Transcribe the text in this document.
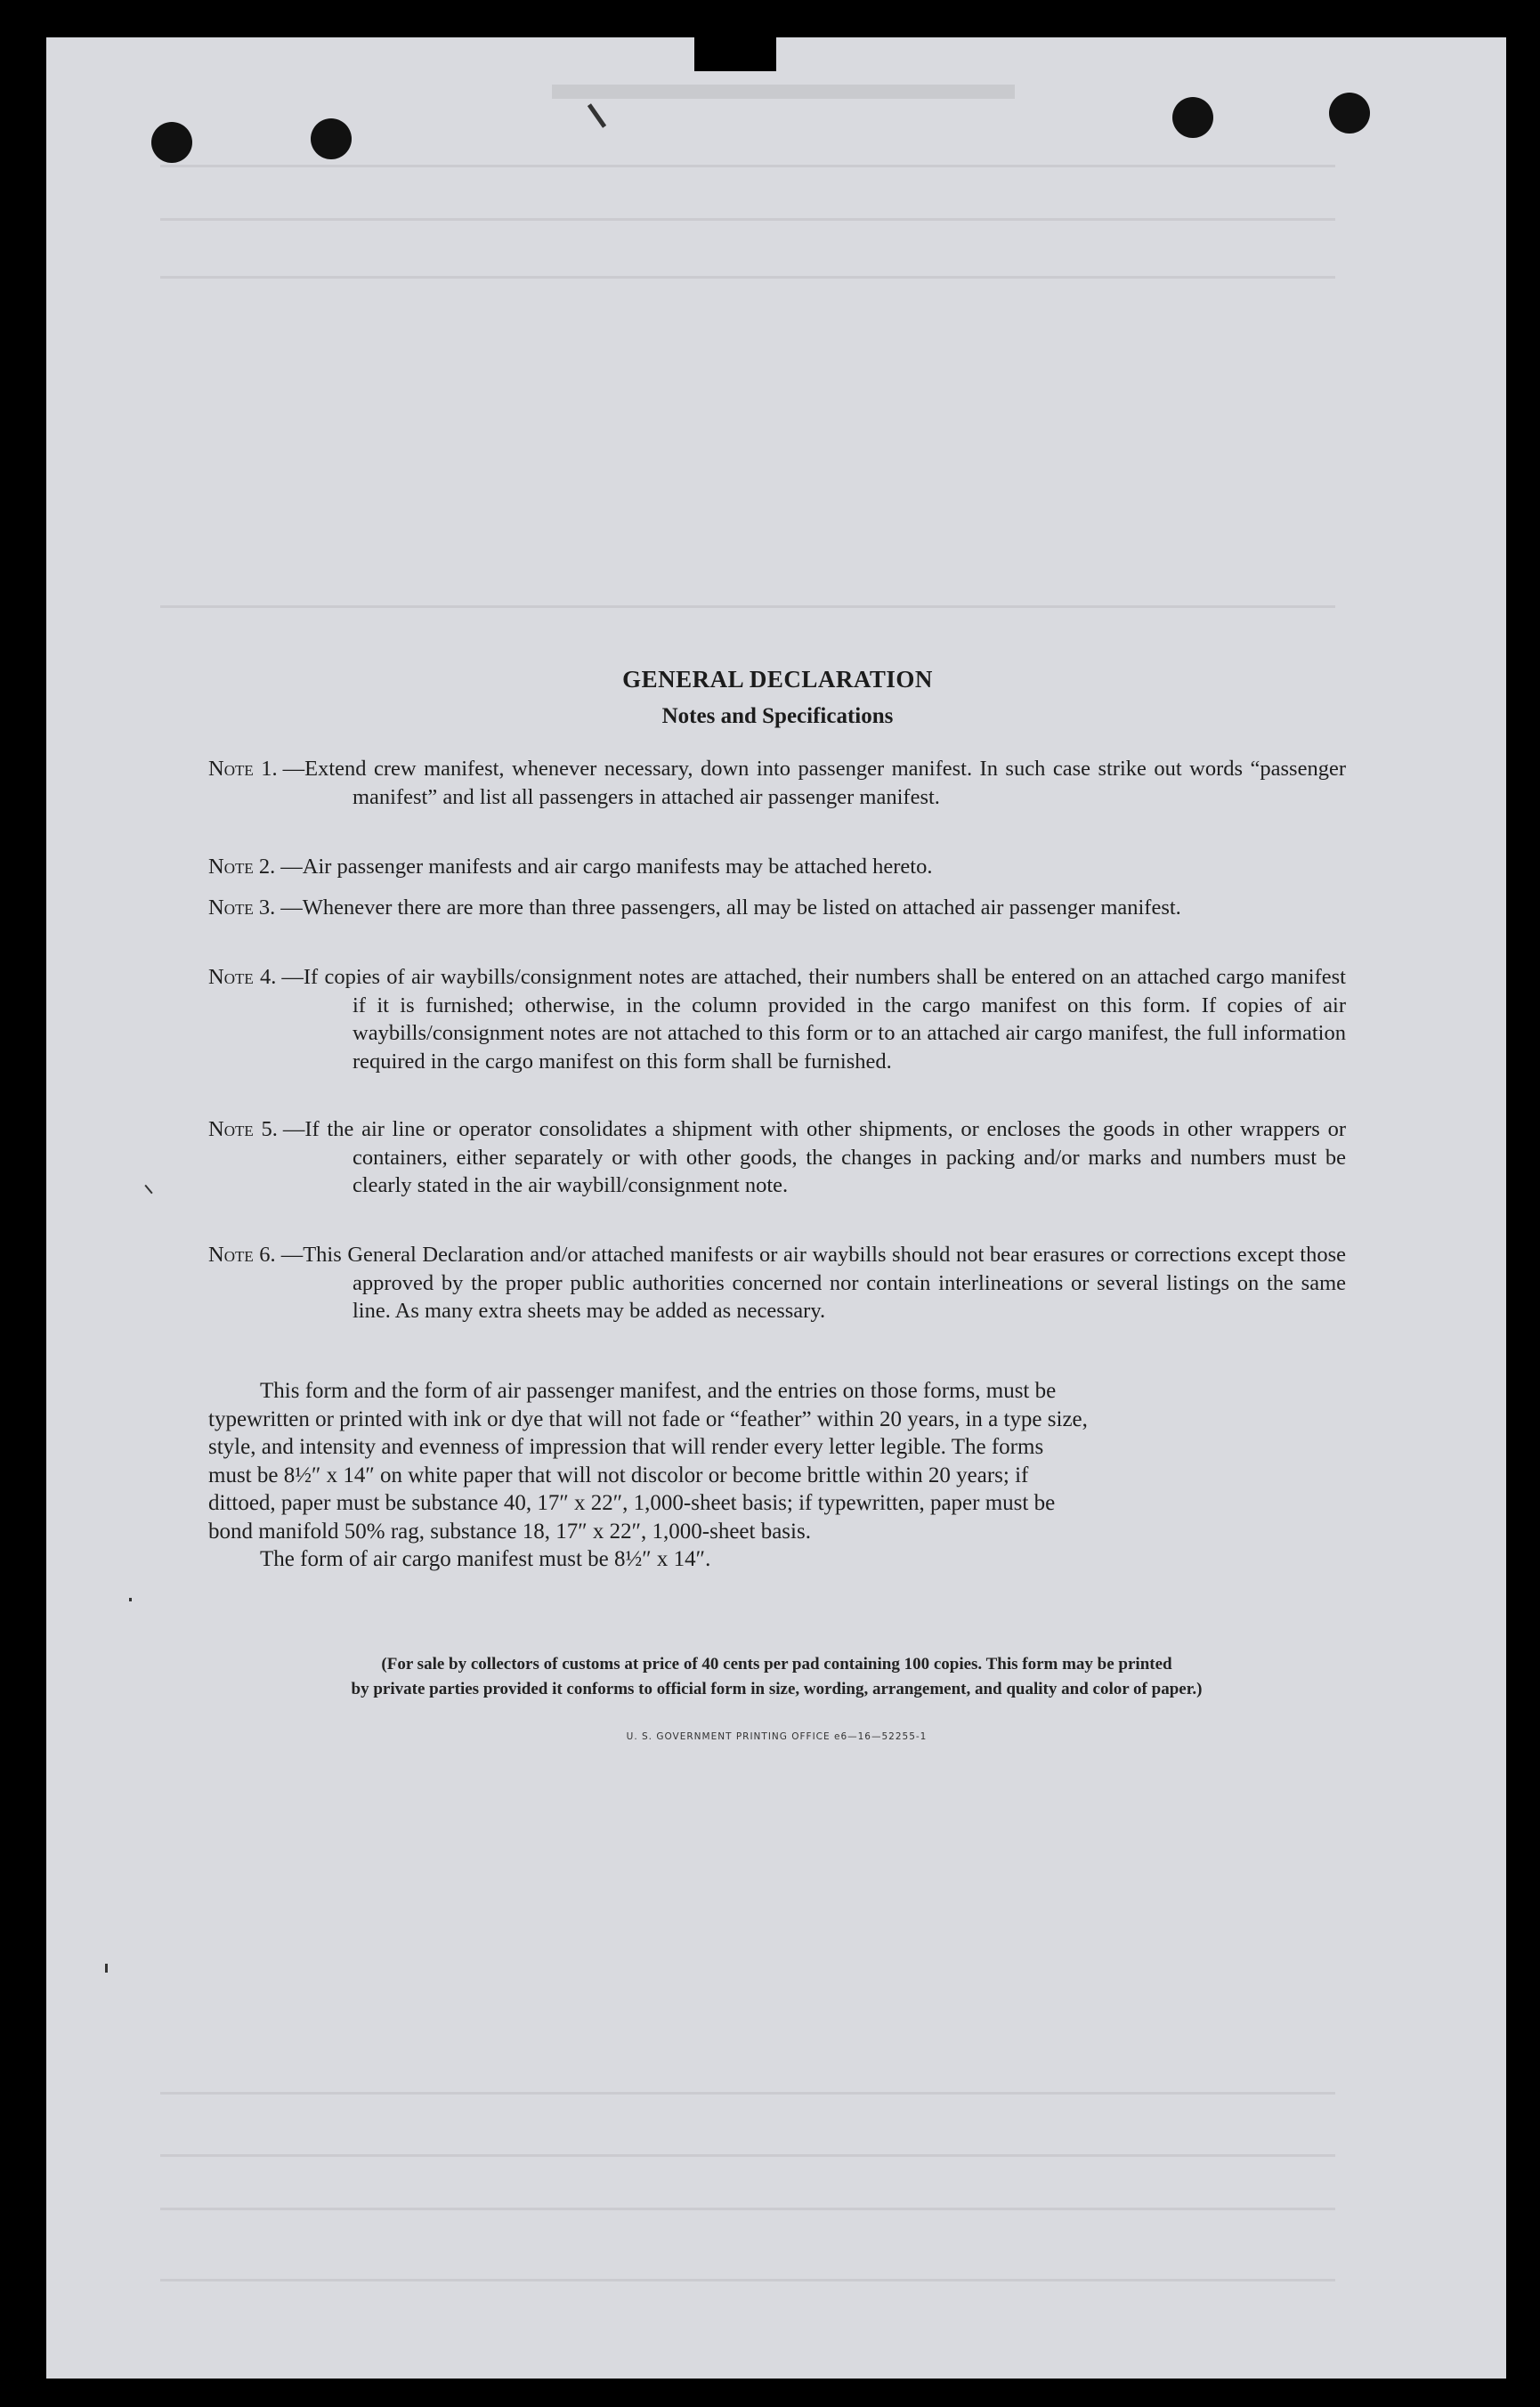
GENERAL DECLARATION
Notes and Specifications
Note 1. —Extend crew manifest, whenever necessary, down into passenger manifest. In such case strike out words “passenger manifest” and list all passengers in attached air passenger manifest.
Note 2. —Air passenger manifests and air cargo manifests may be attached hereto.
Note 3. —Whenever there are more than three passengers, all may be listed on attached air passenger manifest.
Note 4. —If copies of air waybills/consignment notes are attached, their numbers shall be entered on an attached cargo manifest if it is furnished; otherwise, in the column provided in the cargo manifest on this form. If copies of air waybills/consignment notes are not attached to this form or to an attached air cargo manifest, the full information required in the cargo manifest on this form shall be furnished.
Note 5. —If the air line or operator consolidates a shipment with other shipments, or encloses the goods in other wrappers or containers, either separately or with other goods, the changes in packing and/or marks and numbers must be clearly stated in the air waybill/consignment note.
Note 6. —This General Declaration and/or attached manifests or air waybills should not bear erasures or corrections except those approved by the proper public authorities concerned nor contain interlineations or several listings on the same line. As many extra sheets may be added as necessary.
This form and the form of air passenger manifest, and the entries on those forms, must be
typewritten or printed with ink or dye that will not fade or “feather” within 20 years, in a type size,
style, and intensity and evenness of impression that will render every letter legible. The forms
must be 8½″ x 14″ on white paper that will not discolor or become brittle within 20 years; if
dittoed, paper must be substance 40, 17″ x 22″, 1,000-sheet basis; if typewritten, paper must be
bond manifold 50% rag, substance 18, 17″ x 22″, 1,000-sheet basis.
The form of air cargo manifest must be 8½″ x 14″.
(For sale by collectors of customs at price of 40 cents per pad containing 100 copies. This form may be printed
by private parties provided it conforms to official form in size, wording, arrangement, and quality and color of paper.)
U. S. GOVERNMENT PRINTING OFFICE e6—16—52255-1
